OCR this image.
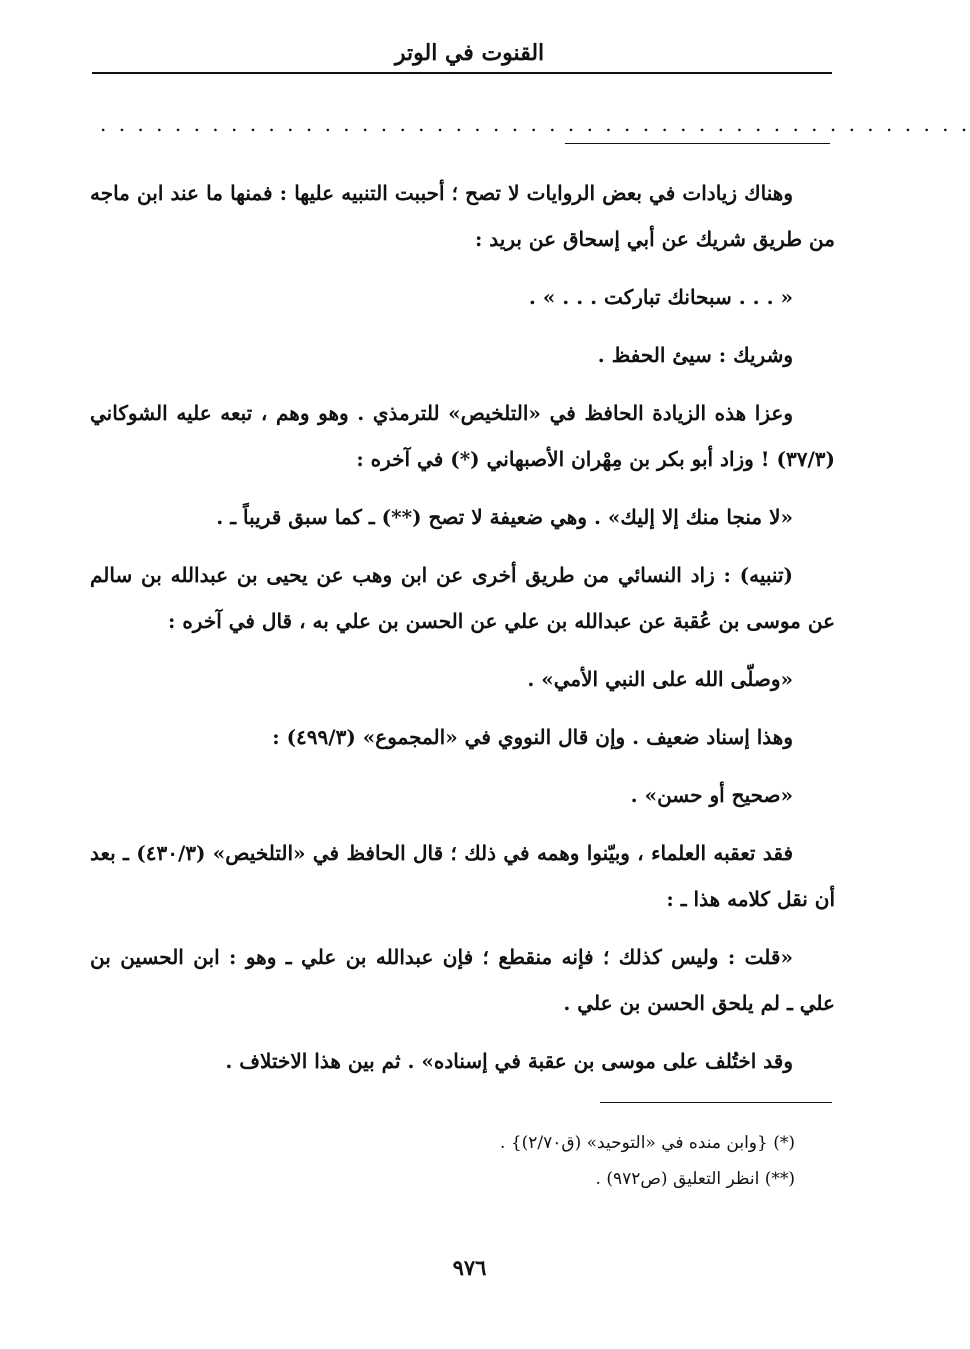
القنوت في الوتر
. . . . . . . . . . . . . . . . . . . . . . . . . . . . . . . . . . . . . . . . . . . . . . .

وهناك زيادات في بعض الروايات لا تصح ؛ أحببت التنبيه عليها : فمنها ما عند ابن ماجه من طريق شريك عن أبي إسحاق عن بريد :

« . . . سبحانك تباركت . . . » .

وشريك : سيئ الحفظ .

وعزا هذه الزيادة الحافظ في «التلخيص» للترمذي . وهو وهم ، تبعه عليه الشوكاني (٣٧/٣) ! وزاد أبو بكر بن مِهْران الأصبهاني (*) في آخره :

«لا منجا منك إلا إليك» . وهي ضعيفة لا تصح (**) ـ كما سبق قريباً ـ .

(تنبيه) : زاد النسائي من طريق أخرى عن ابن وهب عن يحيى بن عبدالله بن سالم عن موسى بن عُقبة عن عبدالله بن علي عن الحسن بن علي به ، قال في آخره :

«وصلّى الله على النبي الأمي» .

وهذا إسناد ضعيف . وإن قال النووي في «المجموع» (٤٩٩/٣) :

«صحيح أو حسن» .

فقد تعقبه العلماء ، وبيّنوا وهمه في ذلك ؛ قال الحافظ في «التلخيص» (٤٣٠/٣) ـ بعد أن نقل كلامه هذا ـ :

«قلت : وليس كذلك ؛ فإنه منقطع ؛ فإن عبدالله بن علي ـ وهو : ابن الحسين بن علي ـ لم يلحق الحسن بن علي .

وقد اختُلف على موسى بن عقبة في إسناده» . ثم بين هذا الاختلاف .

(*) {وابن منده في «التوحيد» (ق٢/٧٠)} .

(**) انظر التعليق (ص٩٧٢) .

٩٧٦
